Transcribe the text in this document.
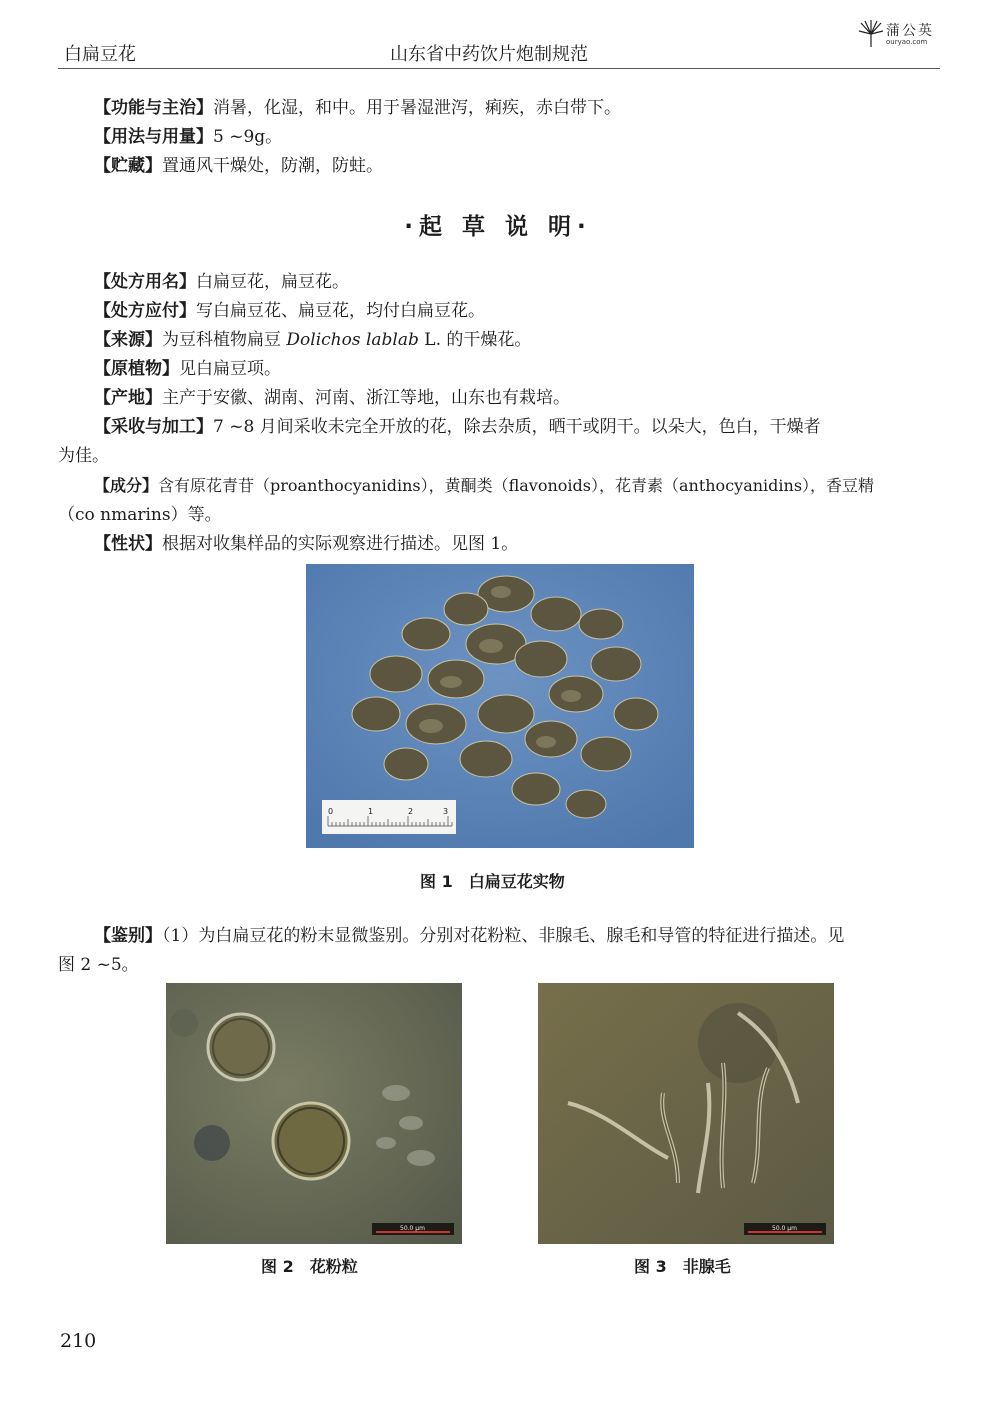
白扁豆花	山东省中药饮片炮制规范
蒲公英
ouryao.com
【功能与主治】消暑，化湿，和中。用于暑湿泄泻，痢疾，赤白带下。
【用法与用量】5 ~9g。
【贮藏】置通风干燥处，防潮，防蛀。
·起 草 说 明·
【处方用名】白扁豆花，扁豆花。
【处方应付】写白扁豆花、扁豆花，均付白扁豆花。
【来源】为豆科植物扁豆 Dolichos lablab L. 的干燥花。
【原植物】见白扁豆项。
【产地】主产于安徽、湖南、河南、浙江等地，山东也有栽培。
【采收与加工】7 ~8 月间采收未完全开放的花，除去杂质，晒干或阴干。以朵大，色白，干燥者
为佳。
【成分】含有原花青苷（proanthocyanidins），黄酮类（flavonoids），花青素（anthocyanidins），香豆精
（co nmarins）等。
【性状】根据对收集样品的实际观察进行描述。见图 1。
0	1	2	3
图 1　白扁豆花实物
【鉴别】（1）为白扁豆花的粉末显微鉴别。分别对花粉粒、非腺毛、腺毛和导管的特征进行描述。见
图 2 ~5。
50.0 μm
图 2　花粉粒
50.0 μm
图 3　非腺毛
210
